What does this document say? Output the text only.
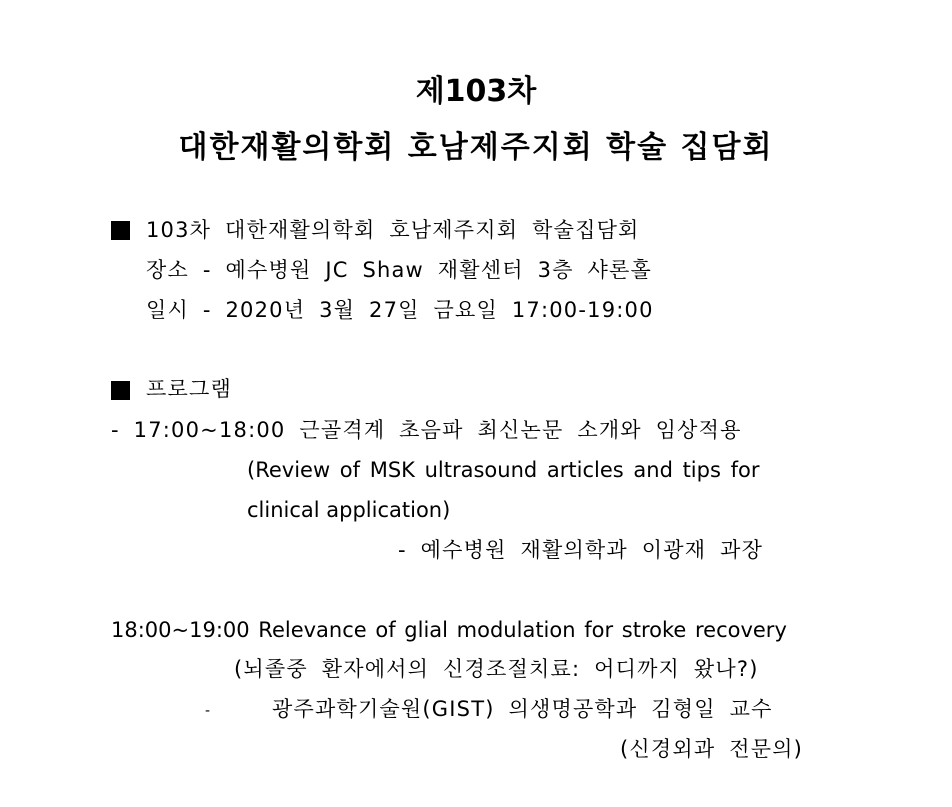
제103차
대한재활의학회 호남제주지회 학술 집담회
103차 대한재활의학회 호남제주지회 학술집담회
장소 - 예수병원 JC Shaw 재활센터 3층 샤론홀
일시 - 2020년 3월 27일 금요일 17:00-19:00
프로그램
- 17:00~18:00 근골격계 초음파 최신논문 소개와 임상적용
(Review of MSK ultrasound articles and tips for
clinical application)
- 예수병원 재활의학과 이광재 과장
18:00~19:00 Relevance of glial modulation for stroke recovery
(뇌졸중 환자에서의 신경조절치료: 어디까지 왔나?)
-	광주과학기술원(GIST) 의생명공학과 김형일 교수
(신경외과 전문의)
